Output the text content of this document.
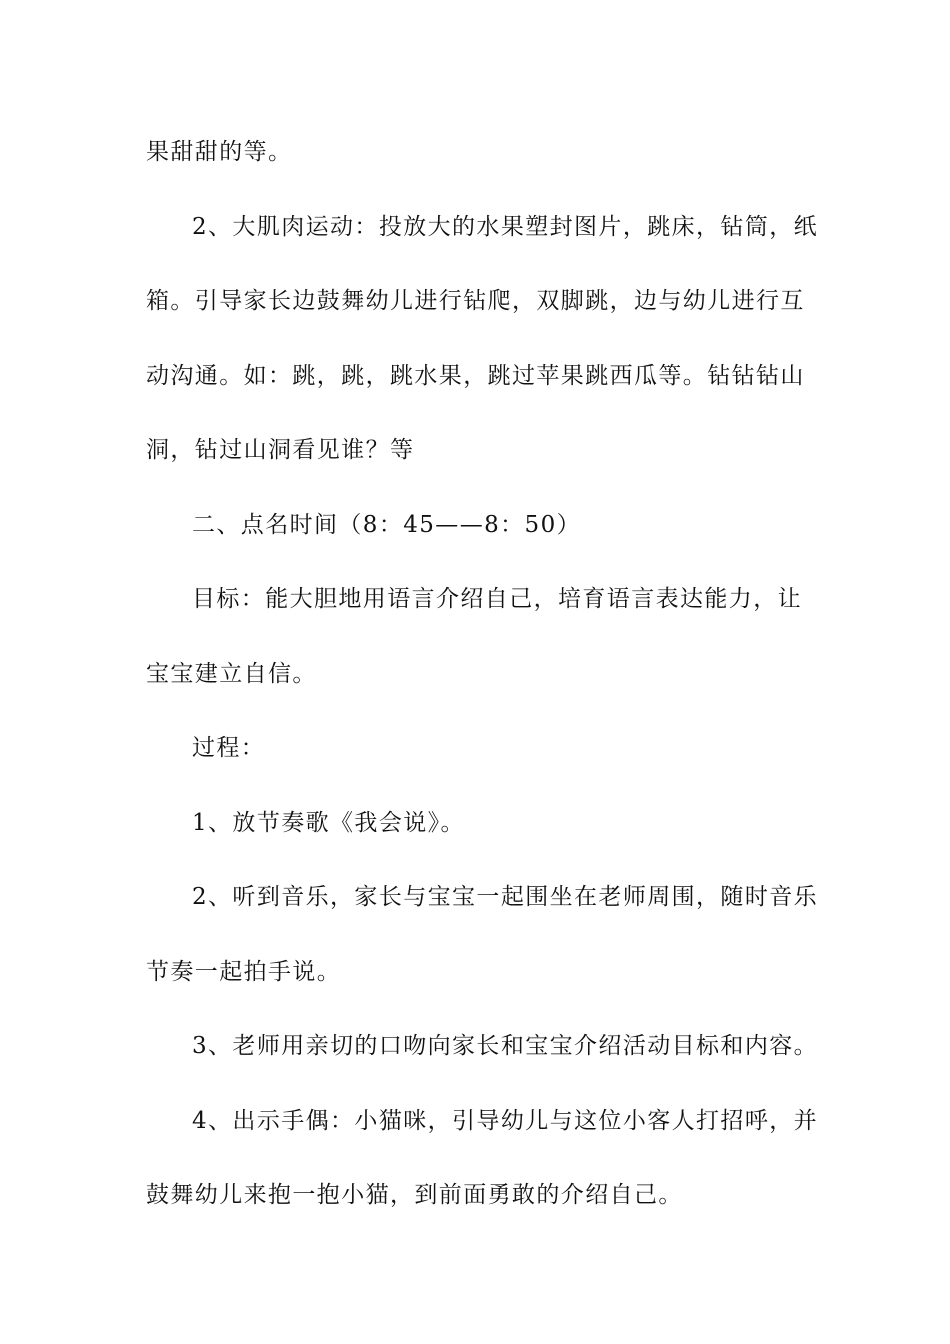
果甜甜的等。
2、大肌肉运动：投放大的水果塑封图片，跳床，钻筒，纸
箱。引导家长边鼓舞幼儿进行钻爬，双脚跳，边与幼儿进行互
动沟通。如：跳，跳，跳水果，跳过苹果跳西瓜等。钻钻钻山
洞，钻过山洞看见谁？等
二、点名时间（8：45——8：50）
目标：能大胆地用语言介绍自己，培育语言表达能力，让
宝宝建立自信。
过程：
1、放节奏歌《我会说》。
2、听到音乐，家长与宝宝一起围坐在老师周围，随时音乐
节奏一起拍手说。
3、老师用亲切的口吻向家长和宝宝介绍活动目标和内容。
4、出示手偶：小猫咪，引导幼儿与这位小客人打招呼，并
鼓舞幼儿来抱一抱小猫，到前面勇敢的介绍自己。
